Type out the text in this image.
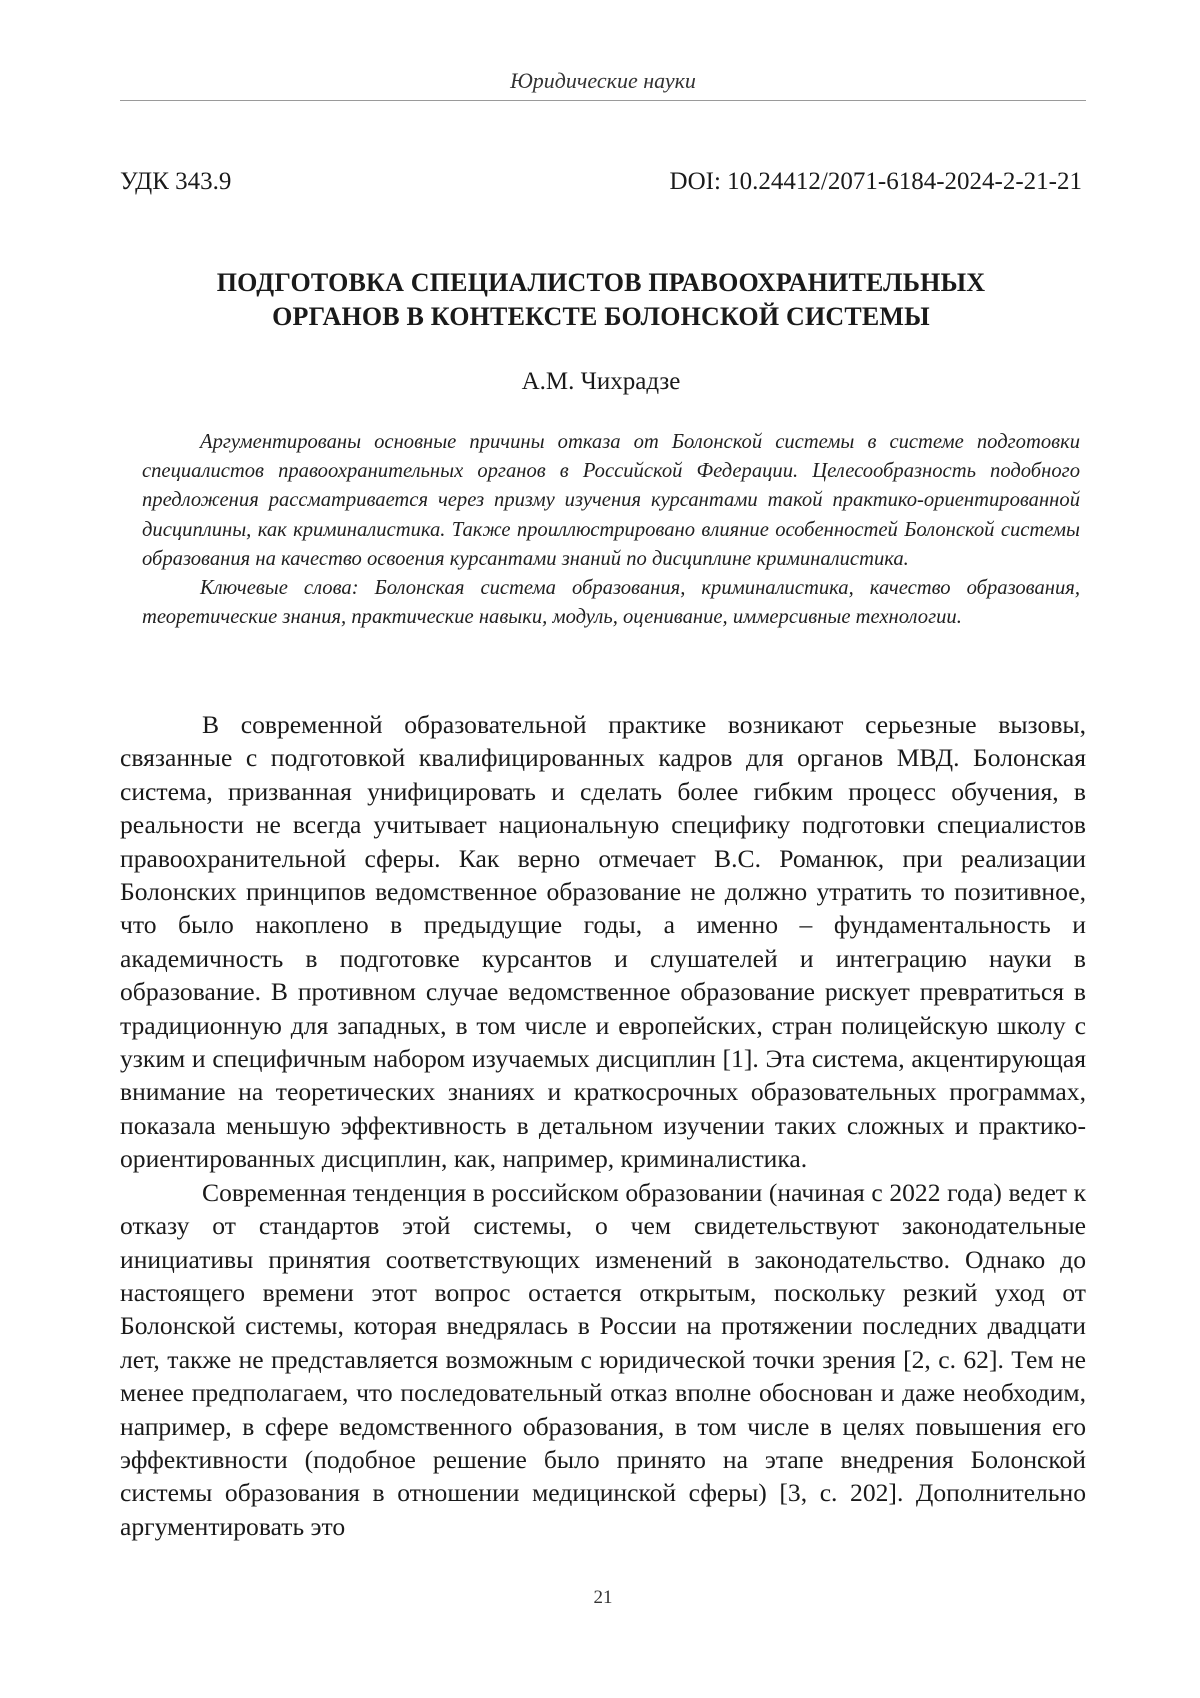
Юридические науки
УДК 343.9	DOI: 10.24412/2071-6184-2024-2-21-21
ПОДГОТОВКА СПЕЦИАЛИСТОВ ПРАВООХРАНИТЕЛЬНЫХ
ОРГАНОВ В КОНТЕКСТЕ БОЛОНСКОЙ СИСТЕМЫ
А.М. Чихрадзе

Аргументированы основные причины отказа от Болонской системы в системе подготовки специалистов правоохранительных органов в Российской Федерации. Целесообразность подобного предложения рассматривается через призму изучения курсантами такой практико-ориентированной дисциплины, как криминалистика. Также проиллюстрировано влияние особенностей Болонской системы образования на качество освоения курсантами знаний по дисциплине криминалистика.

Ключевые слова: Болонская система образования, криминалистика, качество образования, теоретические знания, практические навыки, модуль, оценивание, иммерсивные технологии.

В современной образовательной практике возникают серьезные вызовы, связанные с подготовкой квалифицированных кадров для органов МВД. Болонская система, призванная унифицировать и сделать более гибким процесс обучения, в реальности не всегда учитывает национальную специфику подготовки специалистов правоохранительной сферы. Как верно отмечает В.С. Романюк, при реализации Болонских принципов ведомственное образование не должно утратить то позитивное, что было накоплено в предыдущие годы, а именно – фундаментальность и академичность в подготовке курсантов и слушателей и интеграцию науки в образование. В противном случае ведомственное образование рискует превратиться в традиционную для западных, в том числе и европейских, стран полицейскую школу с узким и специфичным набором изучаемых дисциплин [1]. Эта система, акцентирующая внимание на теоретических знаниях и краткосрочных образовательных программах, показала меньшую эффективность в детальном изучении таких сложных и практико-ориентированных дисциплин, как, например, криминалистика.

Современная тенденция в российском образовании (начиная с 2022 года) ведет к отказу от стандартов этой системы, о чем свидетельствуют законодательные инициативы принятия соответствующих изменений в законодательство. Однако до настоящего времени этот вопрос остается открытым, поскольку резкий уход от Болонской системы, которая внедрялась в России на протяжении последних двадцати лет, также не представляется возможным с юридической точки зрения [2, с. 62]. Тем не менее предполагаем, что последовательный отказ вполне обоснован и даже необходим, например, в сфере ведомственного образования, в том числе в целях повышения его эффективности (подобное решение было принято на этапе внедрения Болонской системы образования в отношении медицинской сферы) [3, с. 202]. Дополнительно аргументировать это

21
